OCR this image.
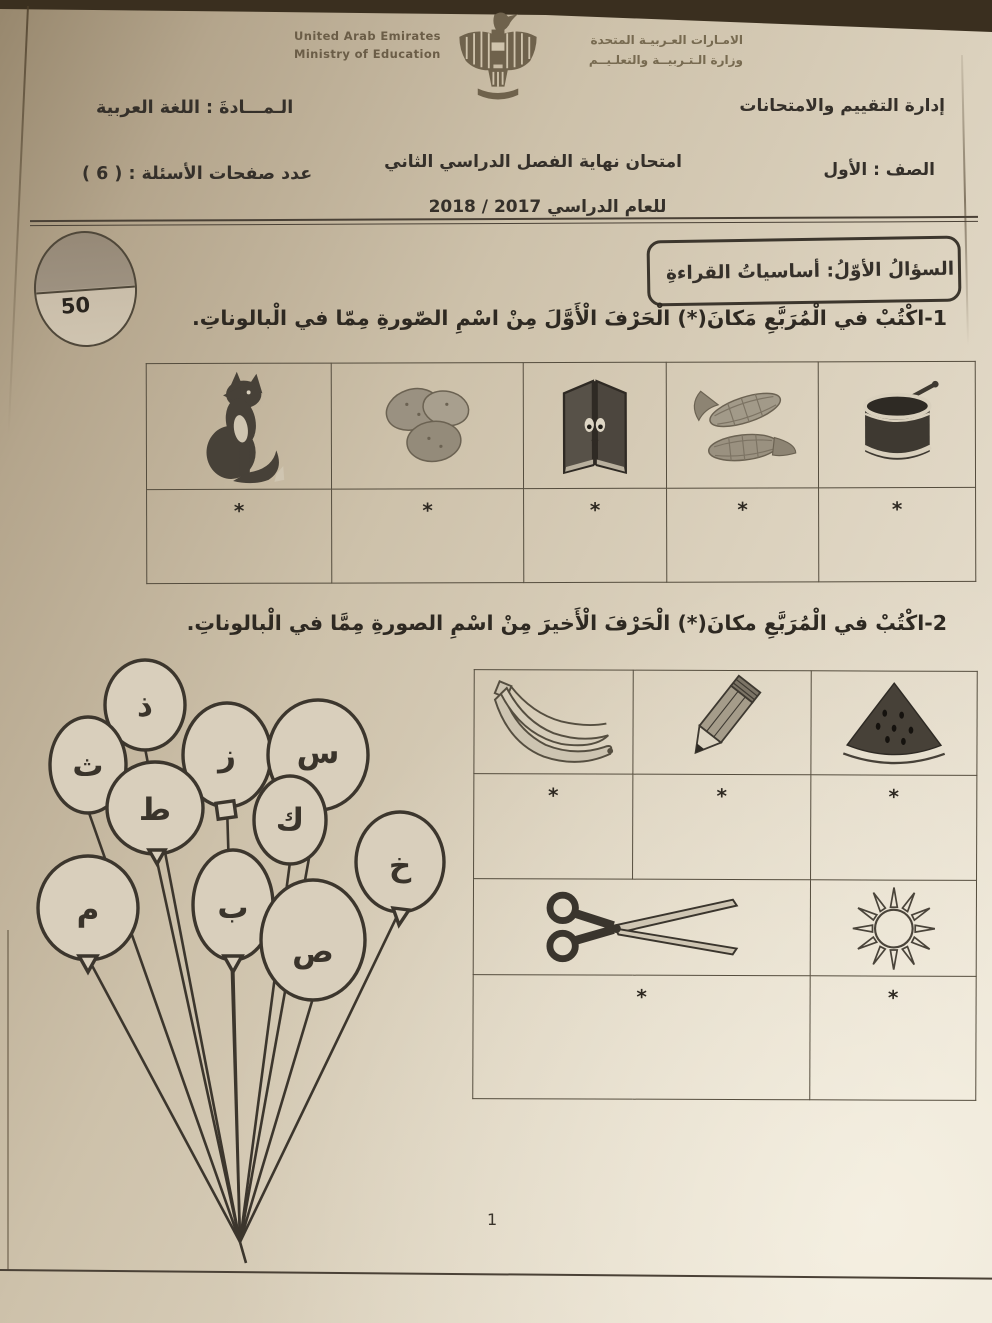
United Arab Emirates
Ministry of Education
الامـارات العـربيـة المتحدة
وزارة الـتـربيــة والتعلـيــم
إدارة التقييم والامتحانات
الـمـــادةَ : اللغة العربية
الصف : الأول
امتحان نهاية الفصل الدراسي الثاني
عدد صفحات الأسئلة : ( 6 )
للعام الدراسي 2017 / 2018
50
السؤالُ الأوّلُ: أساسياتُ القراءةِ
1-اكْتُبْ في الْمُرَبَّعِ مَكانَ(*) الْحَرْفَ الْأَوَّلَ مِنْ اسْمِ الصّورةِ مِمّا في الْبالوناتِ.

*	*	*	*	*
2-اكْتُبْ في الْمُرَبَّعِ مكانَ(*) الْحَرْفَ الْأَخيرَ مِنْ اسْمِ الصورةِ مِمَّا في الْبالوناتِ.
ذ
ث	ز س
ط	ك
خ
م	ب
ص

*	*	*

*		*
1
